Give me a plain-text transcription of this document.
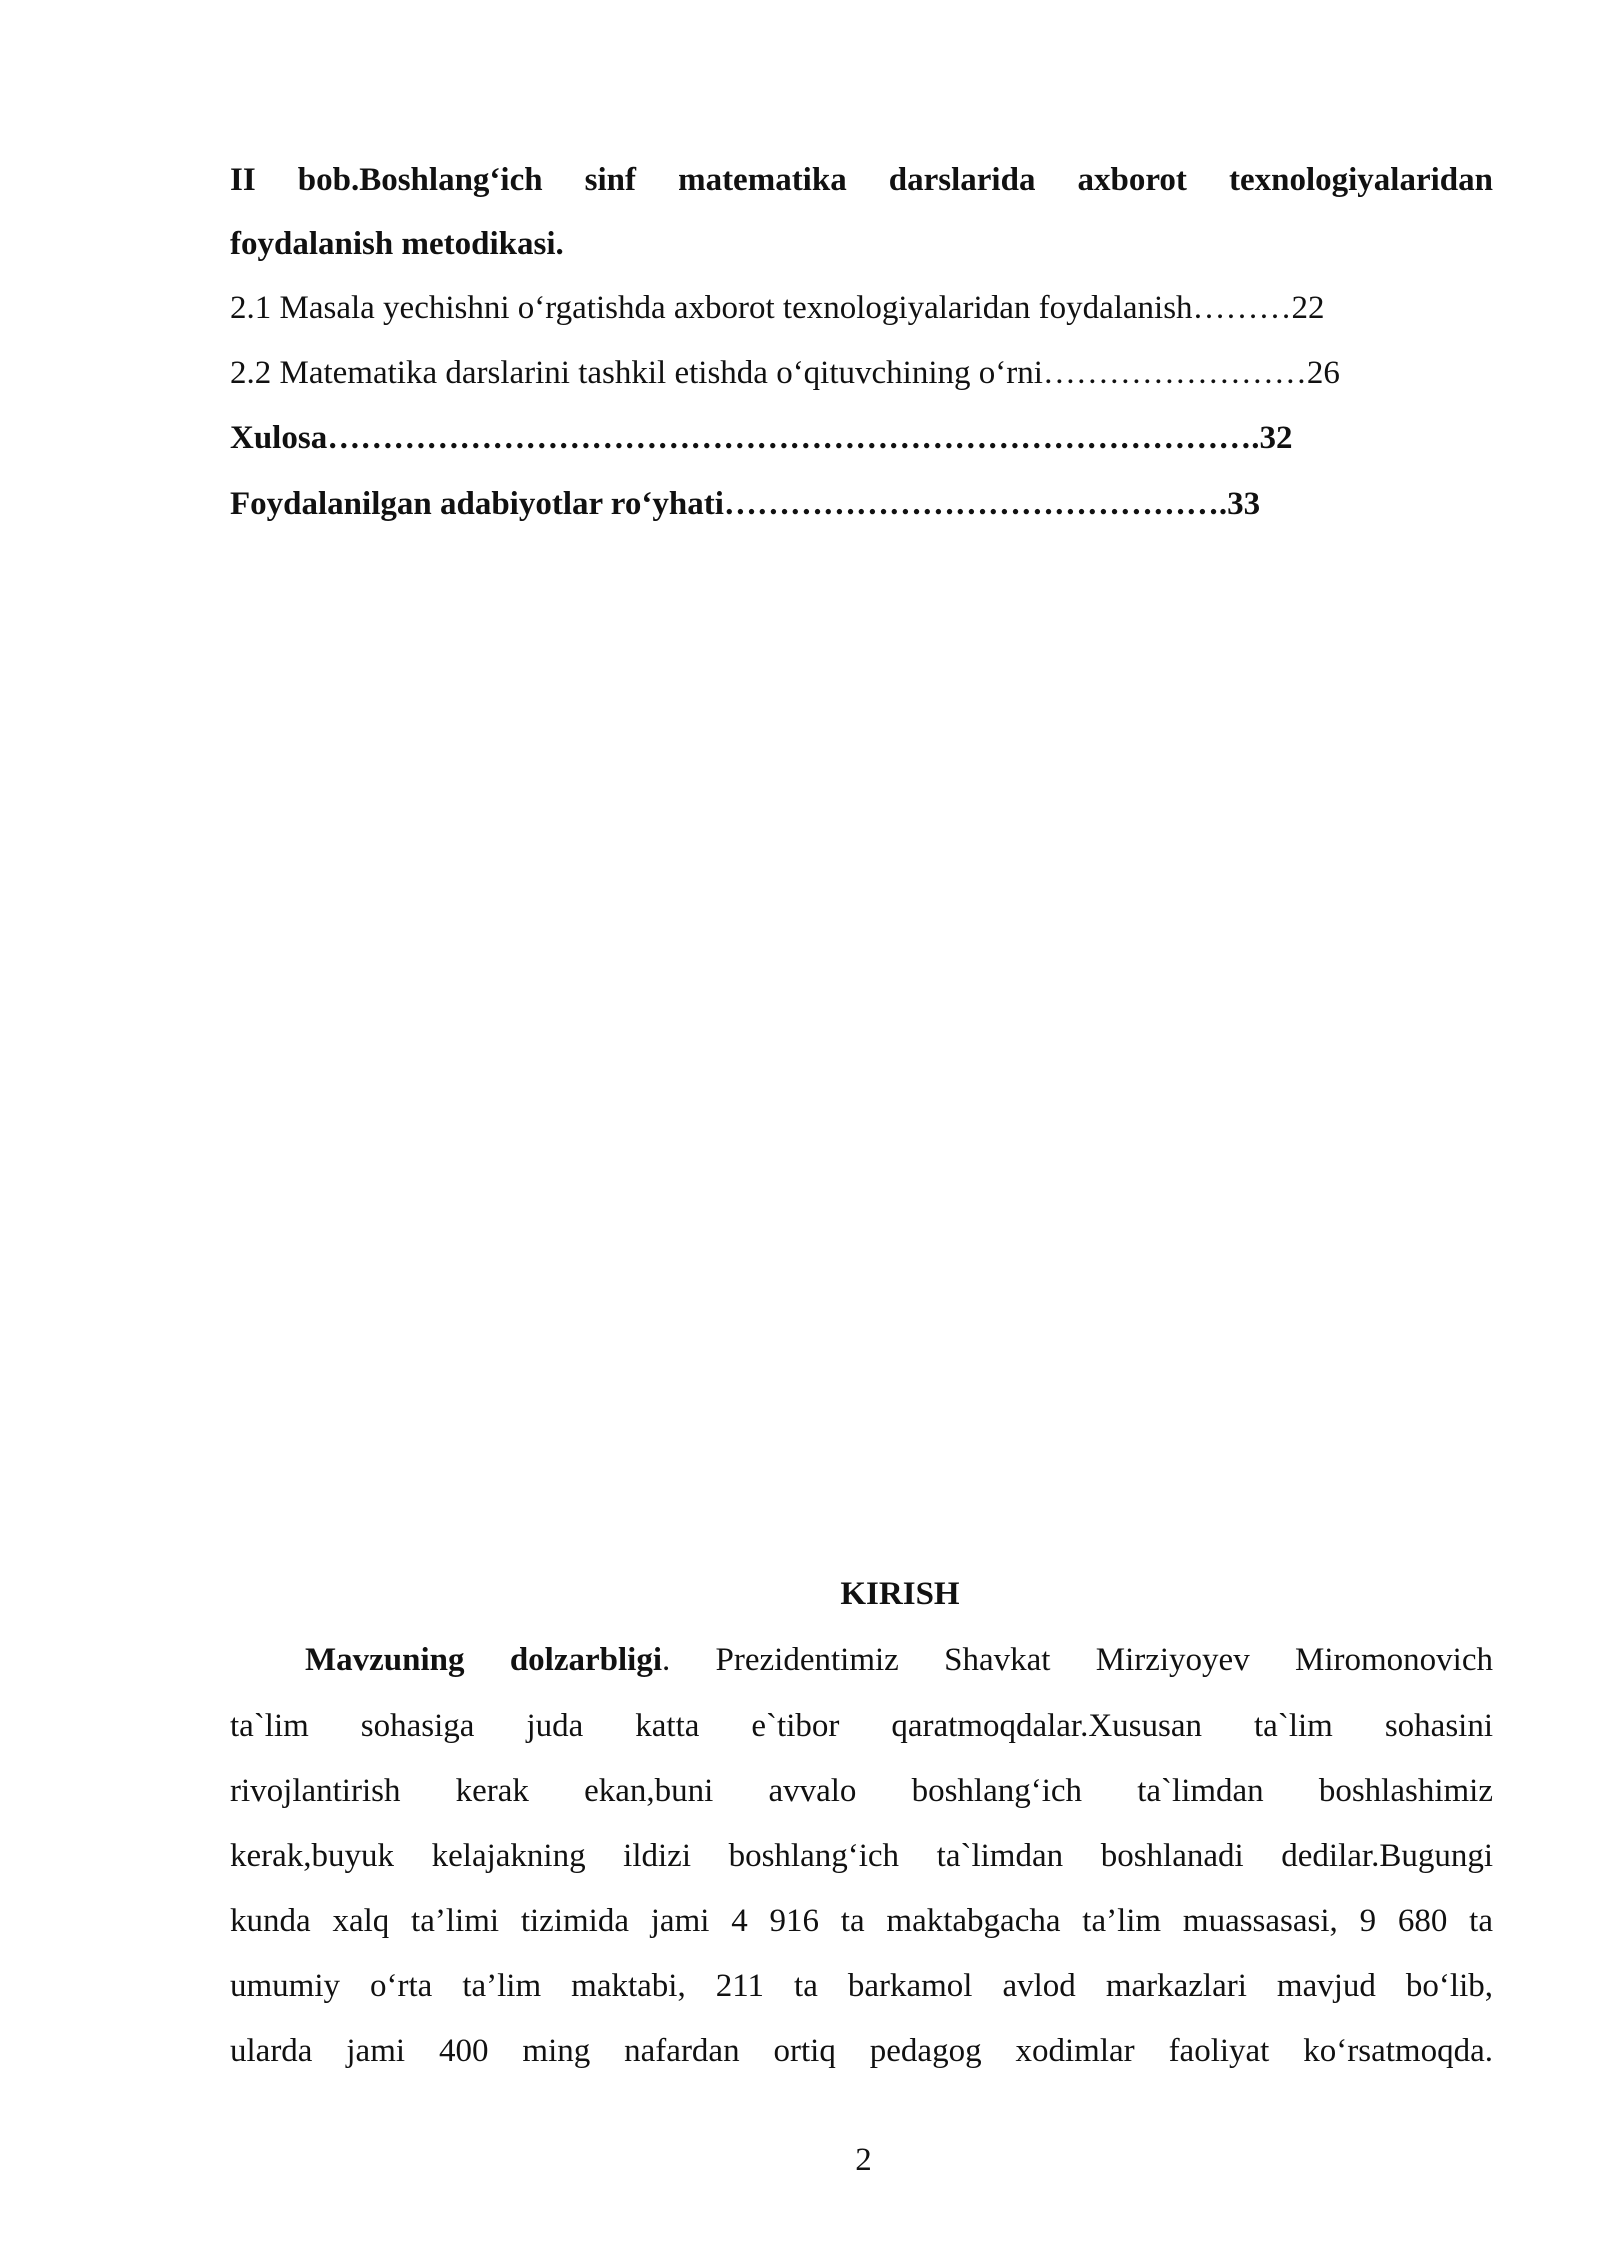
II bob.Boshlang‘ich sinf matematika darslarida axborot texnologiyalaridan
foydalanish metodikasi.
2.1 Masala yechishni o‘rgatishda axborot texnologiyalaridan foydalanish………22
2.2 Matematika darslarini tashkil etishda o‘qituvchining o‘rni……………………26
Xulosa………………………………………………………………………….32
Foydalanilgan adabiyotlar ro‘yhati……………………………………….33
KIRISH
Mavzuning dolzarbligi. Prezidentimiz Shavkat Mirziyoyev Miromonovich
ta`lim sohasiga juda katta e`tibor qaratmoqdalar.Xususan ta`lim sohasini
rivojlantirish kerak ekan,buni avvalo boshlang‘ich ta`limdan boshlashimiz
kerak,buyuk kelajakning ildizi boshlang‘ich ta`limdan boshlanadi dedilar.Bugungi
kunda xalq ta’limi tizimida jami 4 916 ta maktabgacha ta’lim muassasasi, 9 680 ta
umumiy o‘rta ta’lim maktabi, 211 ta barkamol avlod markazlari mavjud bo‘lib,
ularda jami 400 ming nafardan ortiq pedagog xodimlar faoliyat ko‘rsatmoqda.
2
